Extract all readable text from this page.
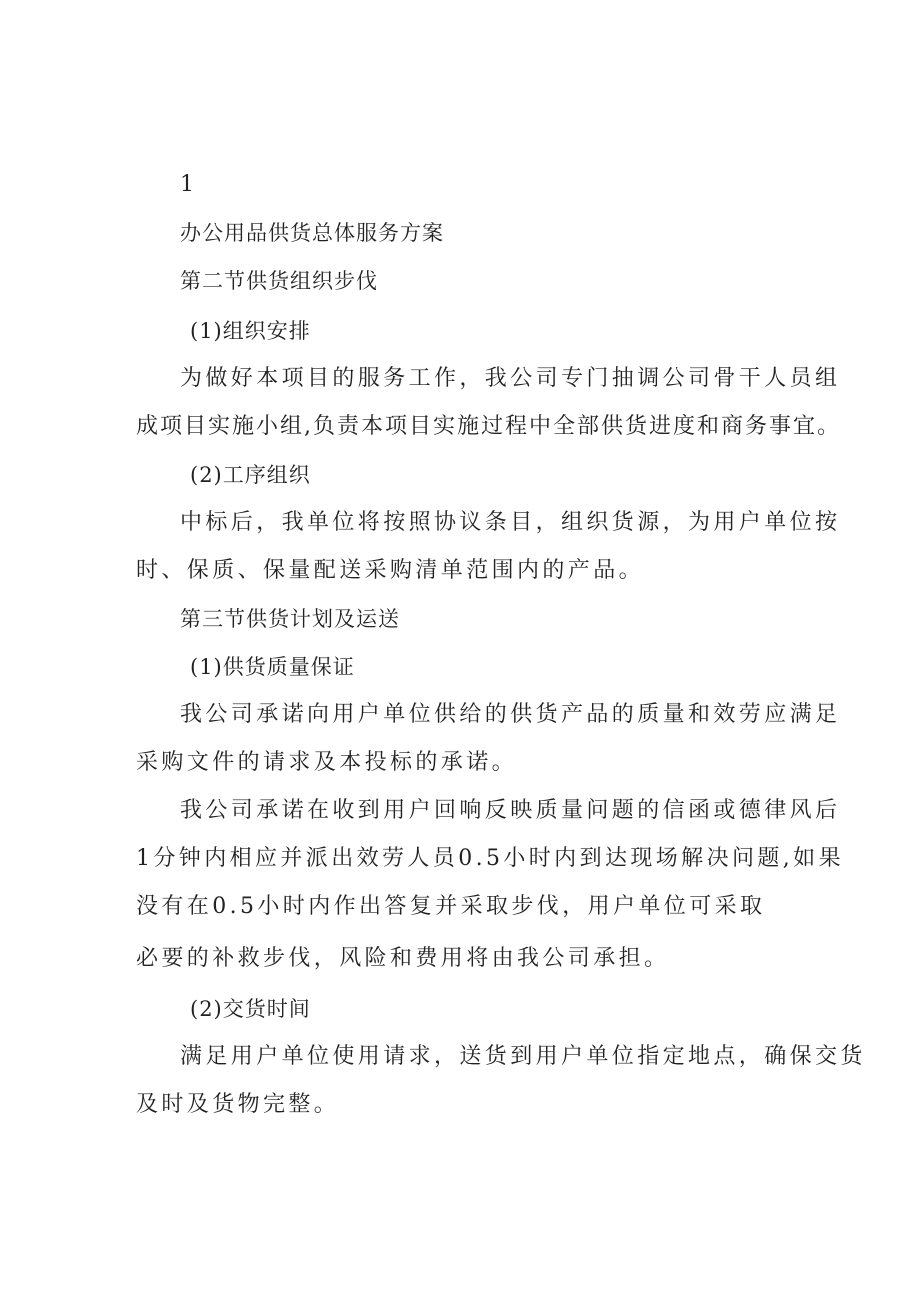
1
办公用品供货总体服务方案
第二节供货组织步伐
(1)组织安排
为做好本项目的服务工作，我公司专门抽调公司骨干人员组
成项目实施小组,负责本项目实施过程中全部供货进度和商务事宜。
(2)工序组织
中标后，我单位将按照协议条目，组织货源，为用户单位按
时、保质、保量配送采购清单范围内的产品。
第三节供货计划及运送
(1)供货质量保证
我公司承诺向用户单位供给的供货产品的质量和效劳应满足
采购文件的请求及本投标的承诺。
我公司承诺在收到用户回响反映质量问题的信函或德律风后
1分钟内相应并派出效劳人员0.5小时内到达现场解决问题,如果
没有在0.5小时内作出答复并采取步伐，用户单位可采取
必要的补救步伐，风险和费用将由我公司承担。
(2)交货时间
满足用户单位使用请求，送货到用户单位指定地点，确保交货
及时及货物完整。
